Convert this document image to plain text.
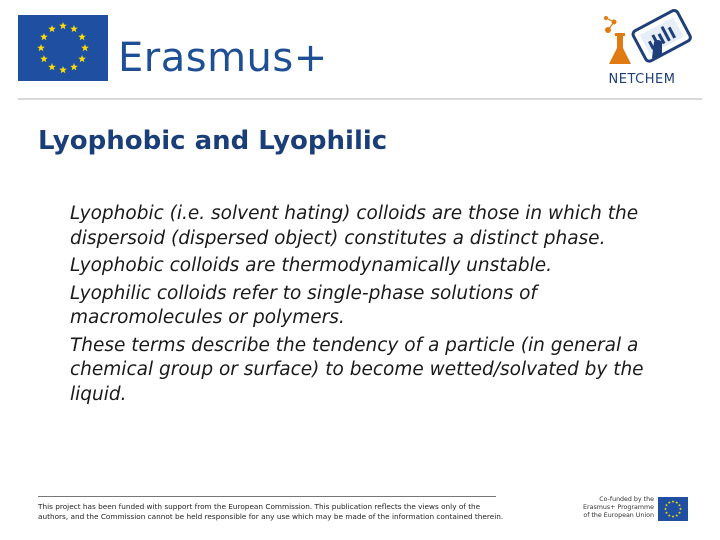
Erasmus+	NETCHEM
Lyophobic and Lyophilic
Lyophobic (i.e. solvent hating) colloids are those in which the dispersoid (dispersed object) constitutes a distinct phase.
Lyophobic colloids are thermodynamically unstable.
Lyophilic colloids refer to single-phase solutions of macromolecules or polymers.
These terms describe the tendency of a particle (in general a chemical group or surface) to become wetted/solvated by the liquid.
This project has been funded with support from the European Commission. This publication reflects the views only of the authors, and the Commission cannot be held responsible for any use which may be made of the information contained therein.
Co-funded by the Erasmus+ Programme of the European Union
